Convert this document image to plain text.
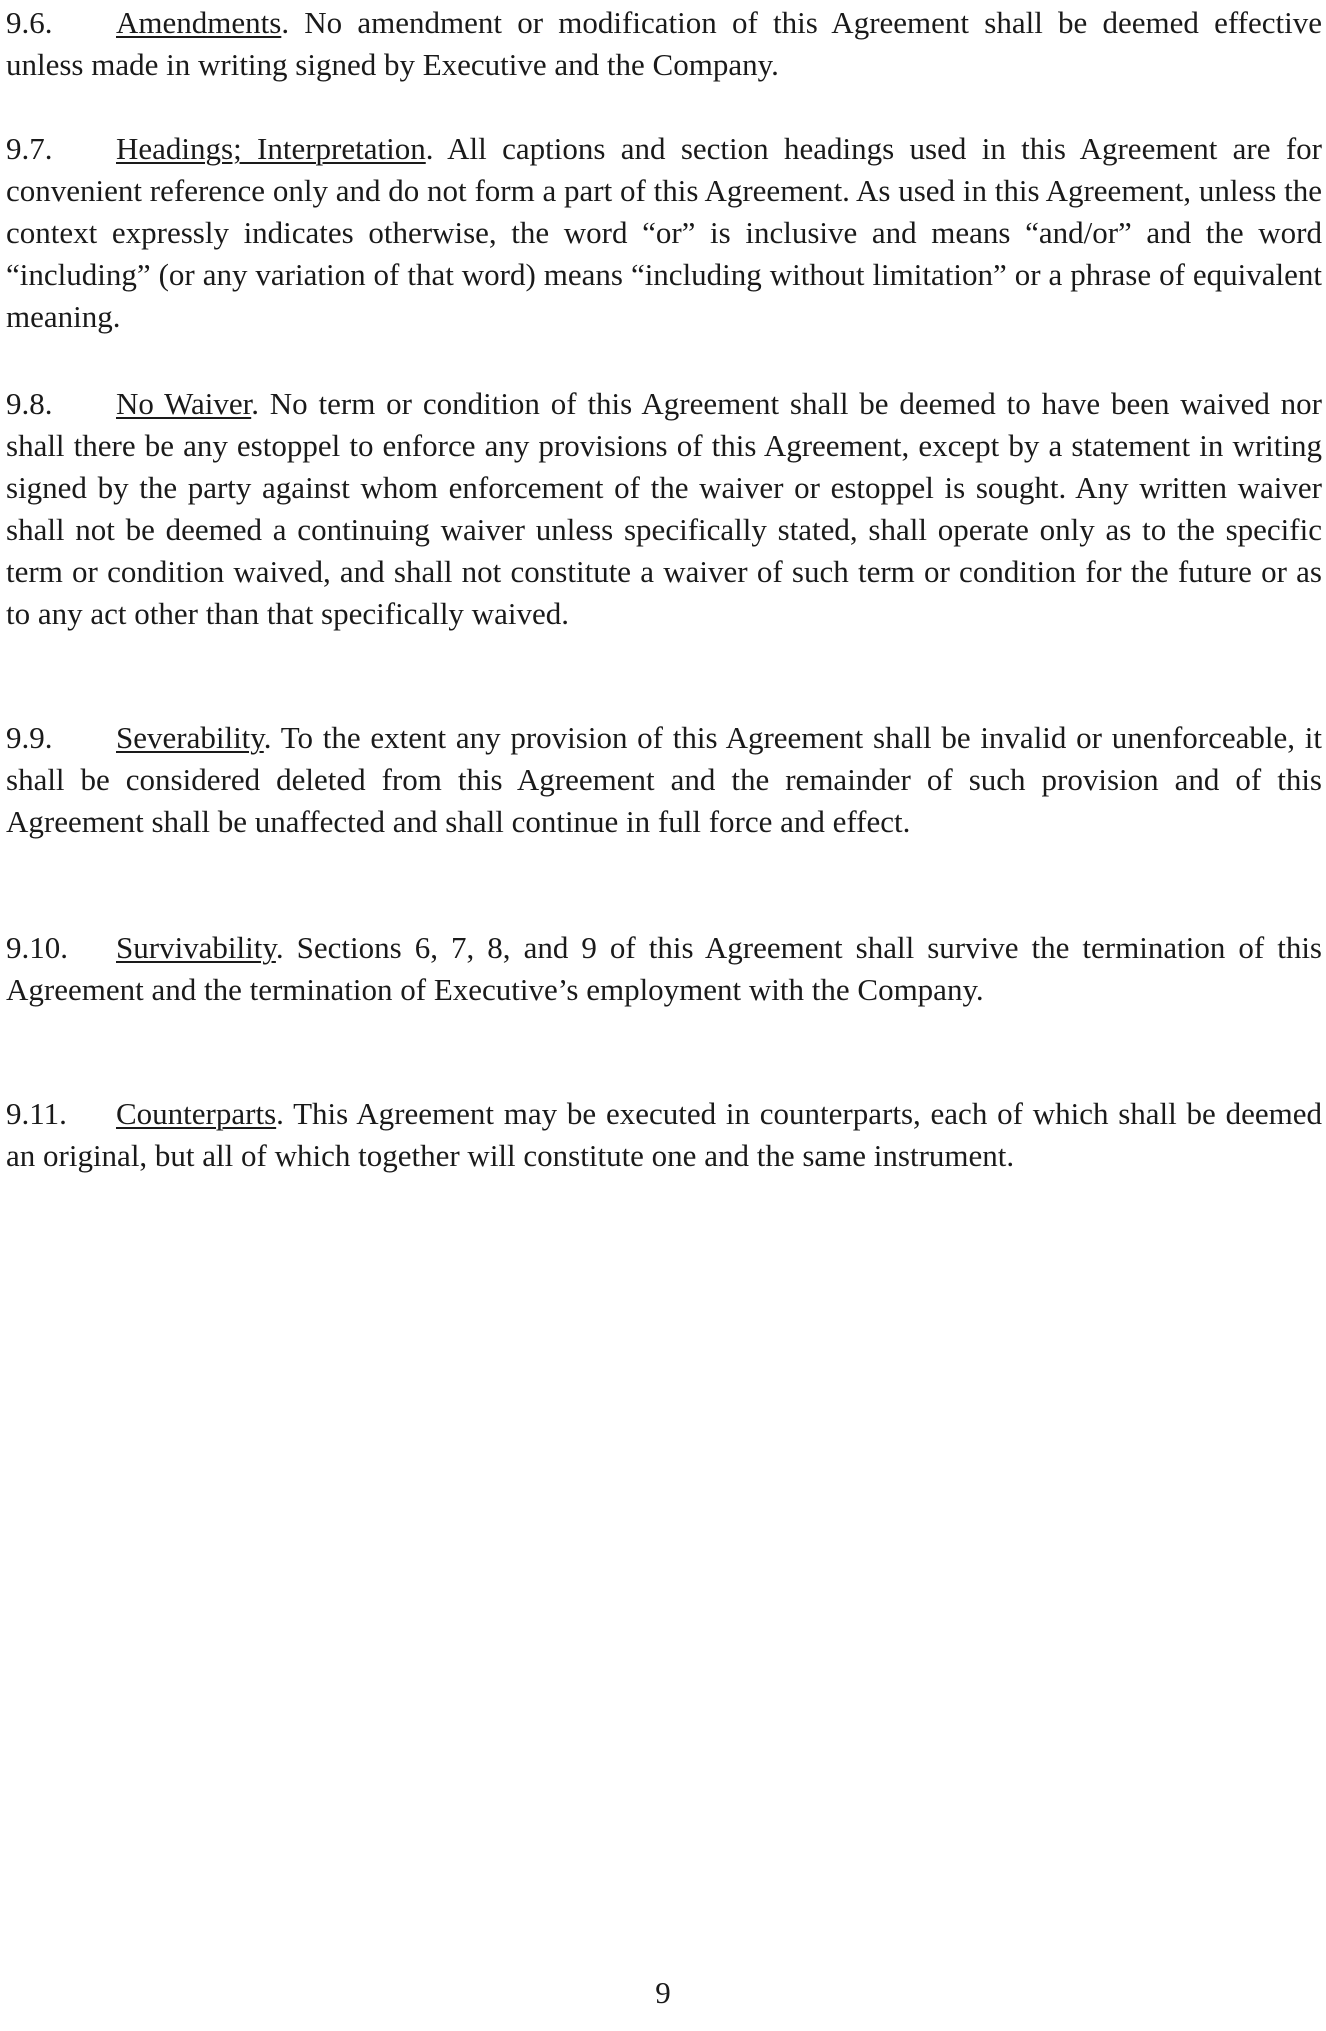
9.6. Amendments. No amendment or modification of this Agreement shall be deemed effective unless made in writing signed by Executive and the Company.

9.7. Headings; Interpretation. All captions and section headings used in this Agreement are for convenient reference only and do not form a part of this Agreement. As used in this Agreement, unless the context expressly indicates otherwise, the word “or” is inclusive and means “and/or” and the word “including” (or any variation of that word) means “including without limitation” or a phrase of equivalent meaning.

9.8. No Waiver. No term or condition of this Agreement shall be deemed to have been waived nor shall there be any estoppel to enforce any provisions of this Agreement, except by a statement in writing signed by the party against whom enforcement of the waiver or estoppel is sought. Any written waiver shall not be deemed a continuing waiver unless specifically stated, shall operate only as to the specific term or condition waived, and shall not constitute a waiver of such term or condition for the future or as to any act other than that specifically waived.

9.9. Severability. To the extent any provision of this Agreement shall be invalid or unenforceable, it shall be considered deleted from this Agreement and the remainder of such provision and of this Agreement shall be unaffected and shall continue in full force and effect.

9.10. Survivability. Sections 6, 7, 8, and 9 of this Agreement shall survive the termination of this Agreement and the termination of Executive’s employment with the Company.

9.11. Counterparts. This Agreement may be executed in counterparts, each of which shall be deemed an original, but all of which together will constitute one and the same instrument.

9
